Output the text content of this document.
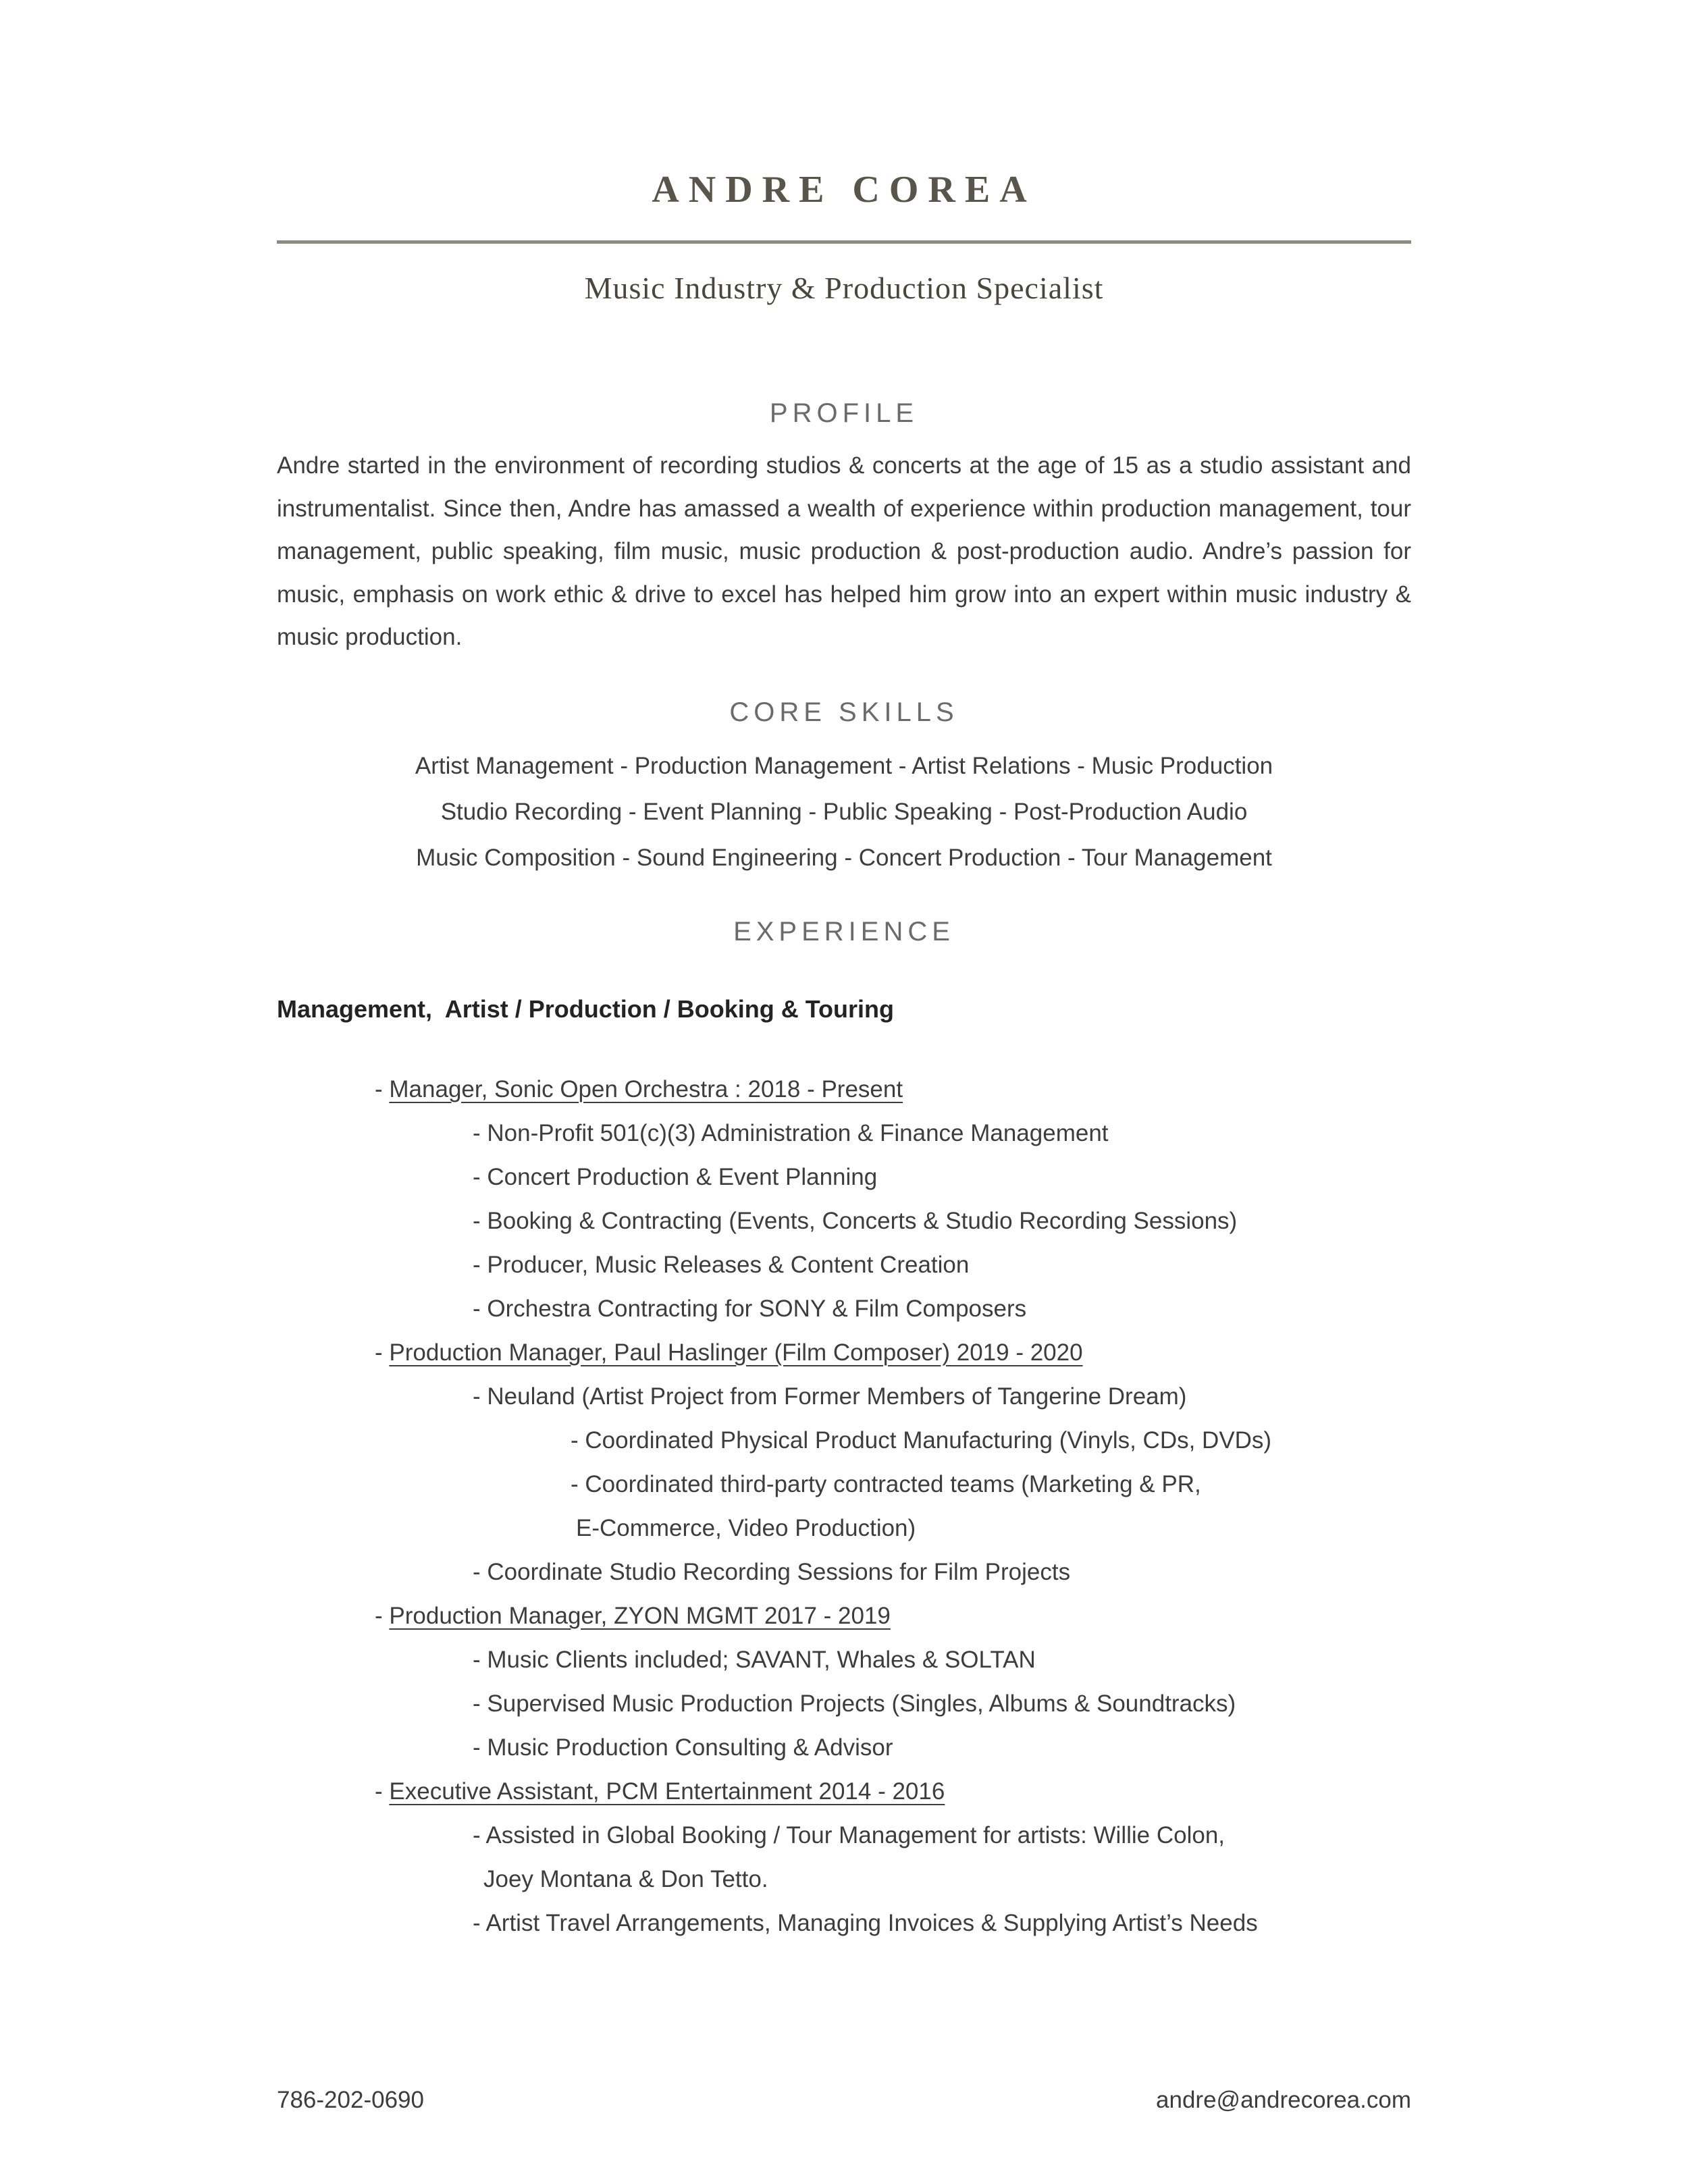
ANDRE COREA
Music Industry & Production Specialist
PROFILE

Andre started in the environment of recording studios & concerts at the age of 15 as a studio assistant and instrumentalist. Since then, Andre has amassed a wealth of experience within production management, tour management, public speaking, film music, music production & post-production audio. Andre’s passion for music, emphasis on work ethic & drive to excel has helped him grow into an expert within music industry & music production.

CORE SKILLS

Artist Management - Production Management - Artist Relations - Music Production

Studio Recording - Event Planning - Public Speaking - Post-Production Audio

Music Composition - Sound Engineering - Concert Production - Tour Management

EXPERIENCE

Management,  Artist / Production / Booking & Touring

- Manager, Sonic Open Orchestra : 2018 - Present
- Non-Profit 501(c)(3) Administration & Finance Management
- Concert Production & Event Planning
- Booking & Contracting (Events, Concerts & Studio Recording Sessions)
- Producer, Music Releases & Content Creation
- Orchestra Contracting for SONY & Film Composers
- Production Manager, Paul Haslinger (Film Composer) 2019 - 2020
- Neuland (Artist Project from Former Members of Tangerine Dream)
- Coordinated Physical Product Manufacturing (Vinyls, CDs, DVDs)
- Coordinated third-party contracted teams (Marketing & PR,
E-Commerce, Video Production)
- Coordinate Studio Recording Sessions for Film Projects
- Production Manager, ZYON MGMT 2017 - 2019
- Music Clients included; SAVANT, Whales & SOLTAN
- Supervised Music Production Projects (Singles, Albums & Soundtracks)
- Music Production Consulting & Advisor
- Executive Assistant, PCM Entertainment 2014 - 2016
- Assisted in Global Booking / Tour Management for artists: Willie Colon,
Joey Montana & Don Tetto.
- Artist Travel Arrangements, Managing Invoices & Supplying Artist’s Needs
786-202-0690	andre@andrecorea.com
